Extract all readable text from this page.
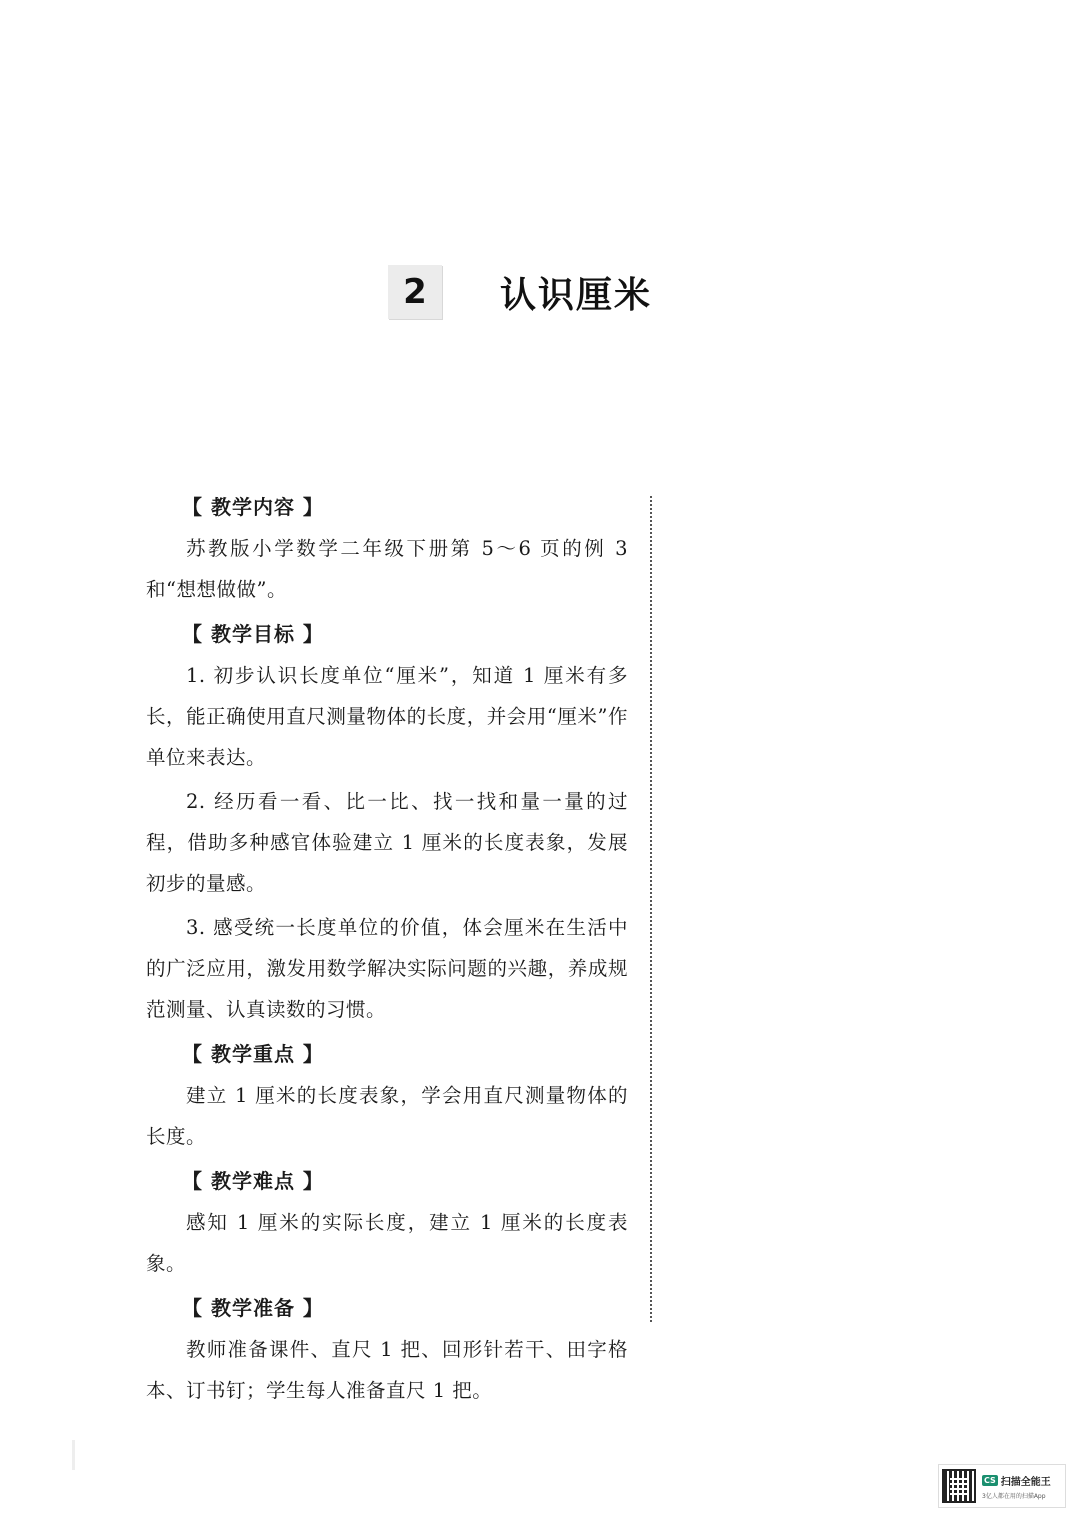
2	认识厘米
【 教学内容 】
苏教版小学数学二年级下册第 5～6 页的例 3 和“想想做做”。
【 教学目标 】
1. 初步认识长度单位“厘米”，知道 1 厘米有多长，能正确使用直尺测量物体的长度，并会用“厘米”作单位来表达。
2. 经历看一看、比一比、找一找和量一量的过程，借助多种感官体验建立 1 厘米的长度表象，发展初步的量感。
3. 感受统一长度单位的价值，体会厘米在生活中的广泛应用，激发用数学解决实际问题的兴趣，养成规范测量、认真读数的习惯。
【 教学重点 】
建立 1 厘米的长度表象，学会用直尺测量物体的长度。
【 教学难点 】
感知 1 厘米的实际长度，建立 1 厘米的长度表象。
【 教学准备 】
教师准备课件、直尺 1 把、回形针若干、田字格本、订书钉；学生每人准备直尺 1 把。
CS 扫描全能王
3亿人都在用的扫描App
